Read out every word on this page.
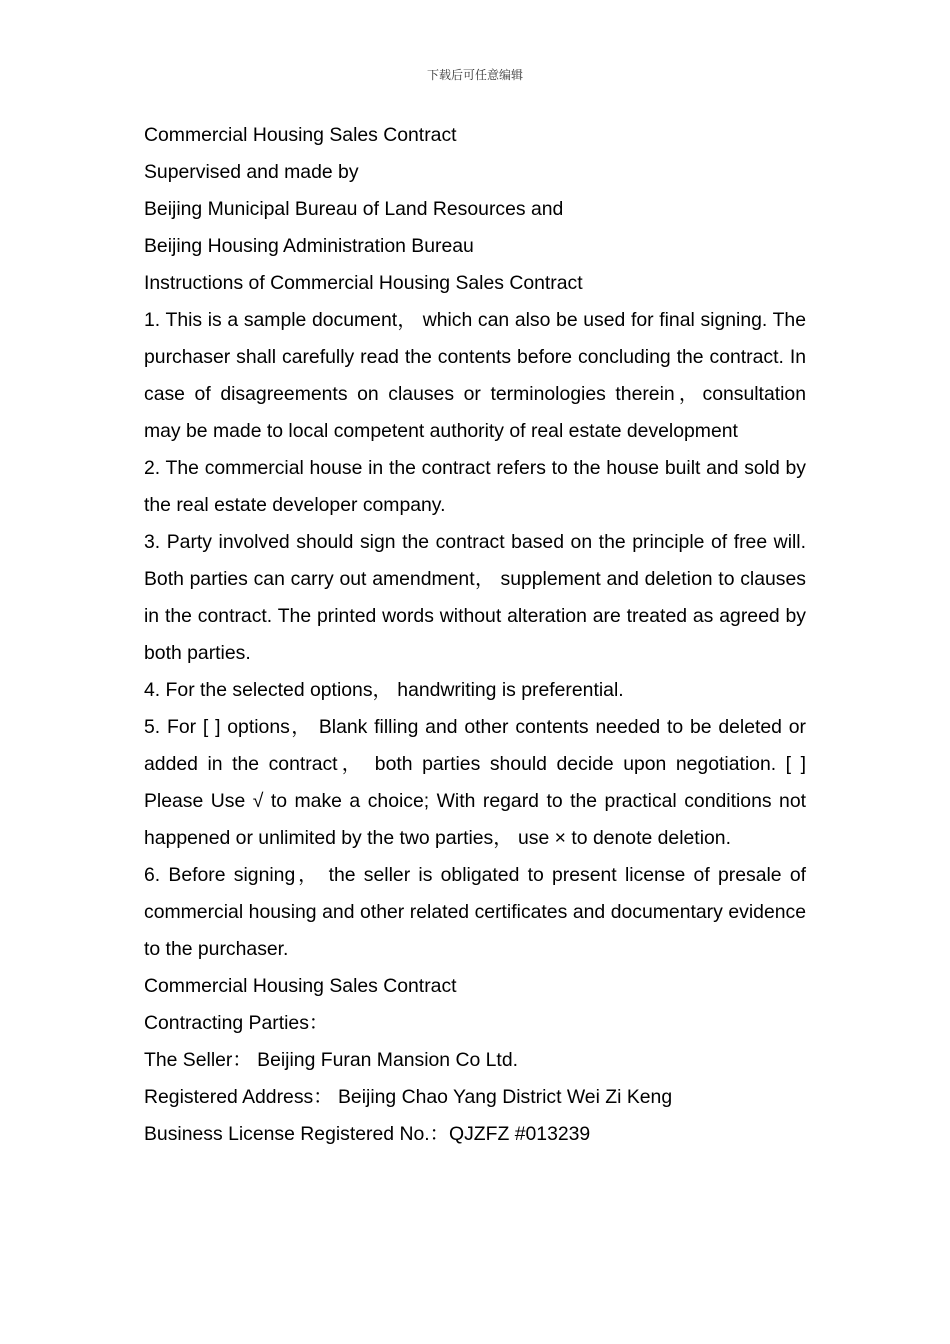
下载后可任意编辑

Commercial Housing Sales Contract

Supervised and made by

Beijing Municipal Bureau of Land Resources and

Beijing Housing Administration Bureau

Instructions of Commercial Housing Sales Contract

1. This is a sample document， which can also be used for final signing. The purchaser shall carefully read the contents before concluding the contract. In case of disagreements on clauses or terminologies therein，consultation may be made to local competent authority of real estate development

2. The commercial house in the contract refers to the house built and sold by the real estate developer company.

3. Party involved should sign the contract based on the principle of free will. Both parties can carry out amendment， supplement and deletion to clauses in the contract. The printed words without alteration are treated as agreed by both parties.

4. For the selected options， handwriting is preferential.

5. For [ ] options， Blank filling and other contents needed to be deleted or added in the contract， both parties should decide upon negotiation. [ ] Please Use √ to make a choice; With regard to the practical conditions not happened or unlimited by the two parties， use × to denote deletion.

6. Before signing， the seller is obligated to present license of presale of commercial housing and other related certificates and documentary evidence to the purchaser.

Commercial Housing Sales Contract

Contracting Parties：

The Seller： Beijing Furan Mansion Co Ltd.

Registered Address： Beijing Chao Yang District Wei Zi Keng

Business License Registered No.：QJZFZ #013239
